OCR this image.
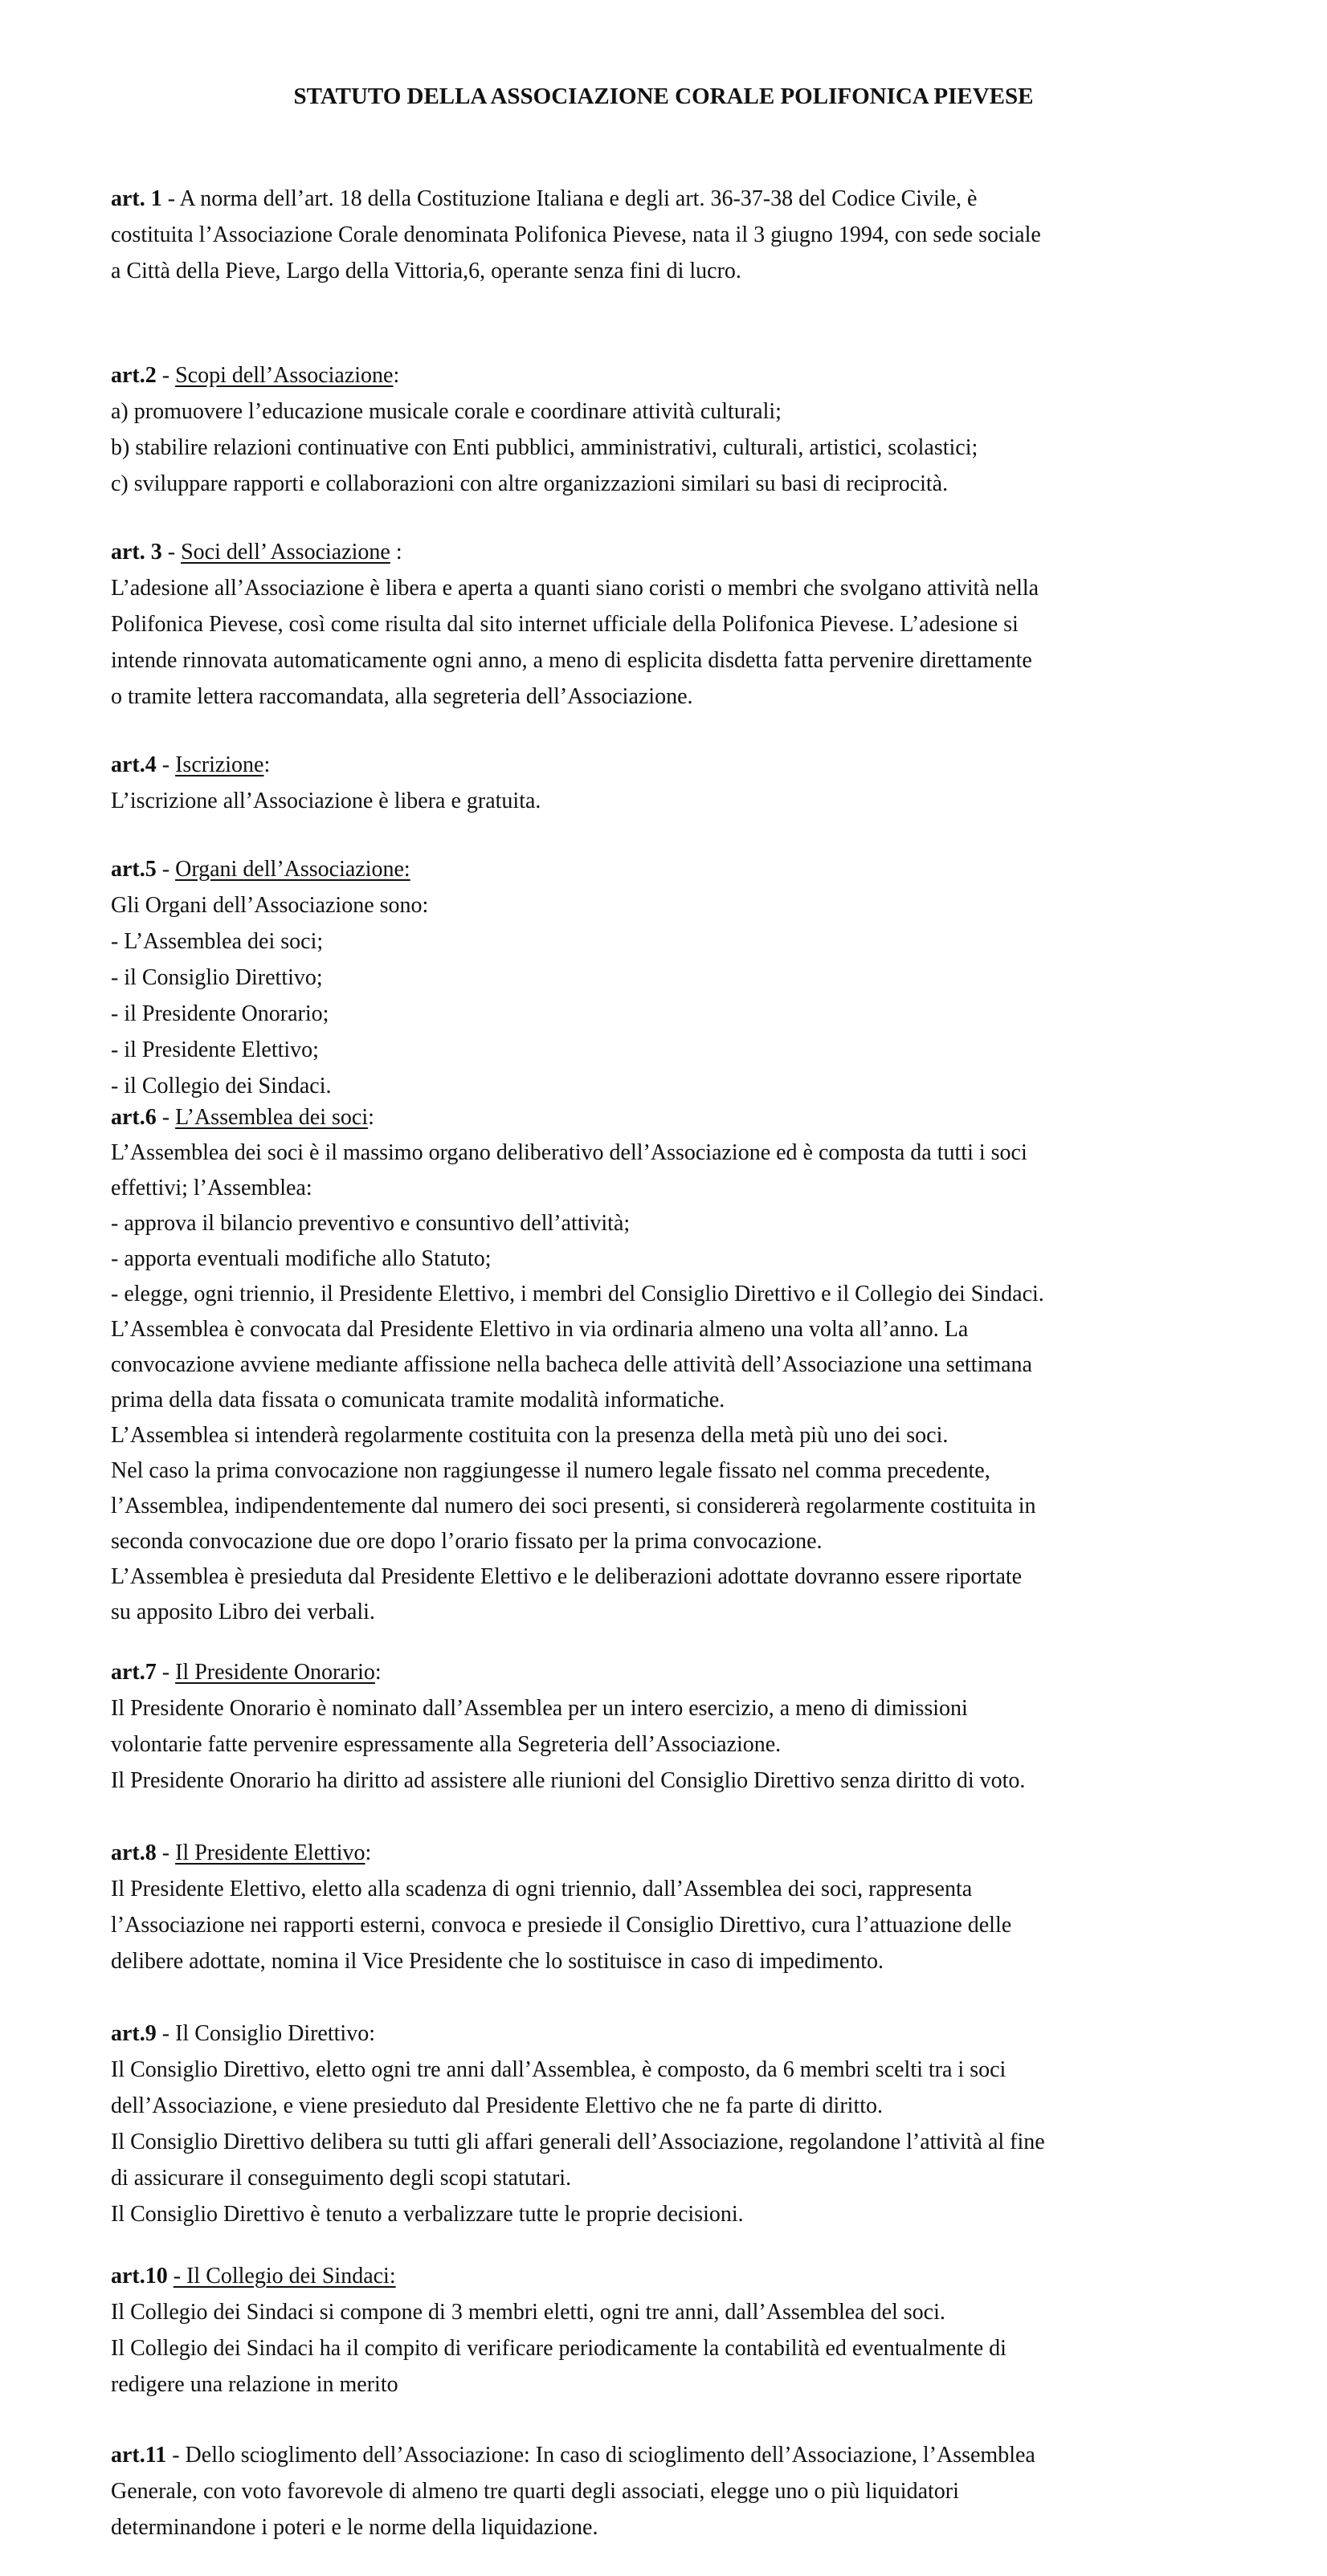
STATUTO DELLA ASSOCIAZIONE CORALE POLIFONICA PIEVESE
art. 1 - A norma dell’art. 18 della Costituzione Italiana e degli art. 36-37-38 del Codice Civile, è
costituita l’Associazione Corale denominata Polifonica Pievese, nata il 3 giugno 1994, con sede sociale
a Città della Pieve, Largo della Vittoria,6, operante senza fini di lucro.
art.2 - Scopi dell’Associazione:
a) promuovere l’educazione musicale corale e coordinare attività culturali;
b) stabilire relazioni continuative con Enti pubblici, amministrativi, culturali, artistici, scolastici;
c) sviluppare rapporti e collaborazioni con altre organizzazioni similari su basi di reciprocità.
art. 3 - Soci dell’ Associazione :
L’adesione all’Associazione è libera e aperta a quanti siano coristi o membri che svolgano attività nella
Polifonica Pievese, così come risulta dal sito internet ufficiale della Polifonica Pievese. L’adesione si
intende rinnovata automaticamente ogni anno, a meno di esplicita disdetta fatta pervenire direttamente
o tramite lettera raccomandata, alla segreteria dell’Associazione.
art.4 - Iscrizione:
L’iscrizione all’Associazione è libera e gratuita.
art.5 - Organi dell’Associazione:
Gli Organi dell’Associazione sono:
- L’Assemblea dei soci;
- il Consiglio Direttivo;
- il Presidente Onorario;
- il Presidente Elettivo;
- il Collegio dei Sindaci.
art.6 - L’Assemblea dei soci:
L’Assemblea dei soci è il massimo organo deliberativo dell’Associazione ed è composta da tutti i soci
effettivi; l’Assemblea:
- approva il bilancio preventivo e consuntivo dell’attività;
- apporta eventuali modifiche allo Statuto;
- elegge, ogni triennio, il Presidente Elettivo, i membri del Consiglio Direttivo e il Collegio dei Sindaci.
L’Assemblea è convocata dal Presidente Elettivo in via ordinaria almeno una volta all’anno. La
convocazione avviene mediante affissione nella bacheca delle attività dell’Associazione una settimana
prima della data fissata o comunicata tramite modalità informatiche.
L’Assemblea si intenderà regolarmente costituita con la presenza della metà più uno dei soci.
Nel caso la prima convocazione non raggiungesse il numero legale fissato nel comma precedente,
l’Assemblea, indipendentemente dal numero dei soci presenti, si considererà regolarmente costituita in
seconda convocazione due ore dopo l’orario fissato per la prima convocazione.
L’Assemblea è presieduta dal Presidente Elettivo e le deliberazioni adottate dovranno essere riportate
su apposito Libro dei verbali.
art.7 - Il Presidente Onorario:
Il Presidente Onorario è nominato dall’Assemblea per un intero esercizio, a meno di dimissioni
volontarie fatte pervenire espressamente alla Segreteria dell’Associazione.
Il Presidente Onorario ha diritto ad assistere alle riunioni del Consiglio Direttivo senza diritto di voto.
art.8 - Il Presidente Elettivo:
Il Presidente Elettivo, eletto alla scadenza di ogni triennio, dall’Assemblea dei soci, rappresenta
l’Associazione nei rapporti esterni, convoca e presiede il Consiglio Direttivo, cura l’attuazione delle
delibere adottate, nomina il Vice Presidente che lo sostituisce in caso di impedimento.
art.9 - Il Consiglio Direttivo:
Il Consiglio Direttivo, eletto ogni tre anni dall’Assemblea, è composto, da 6 membri scelti tra i soci
dell’Associazione, e viene presieduto dal Presidente Elettivo che ne fa parte di diritto.
Il Consiglio Direttivo delibera su tutti gli affari generali dell’Associazione, regolandone l’attività al fine
di assicurare il conseguimento degli scopi statutari.
Il Consiglio Direttivo è tenuto a verbalizzare tutte le proprie decisioni.
art.10 - Il Collegio dei Sindaci:
Il Collegio dei Sindaci si compone di 3 membri eletti, ogni tre anni, dall’Assemblea del soci.
Il Collegio dei Sindaci ha il compito di verificare periodicamente la contabilità ed eventualmente di
redigere una relazione in merito
art.11 - Dello scioglimento dell’Associazione: In caso di scioglimento dell’Associazione, l’Assemblea
Generale, con voto favorevole di almeno tre quarti degli associati, elegge uno o più liquidatori
determinandone i poteri e le norme della liquidazione.
